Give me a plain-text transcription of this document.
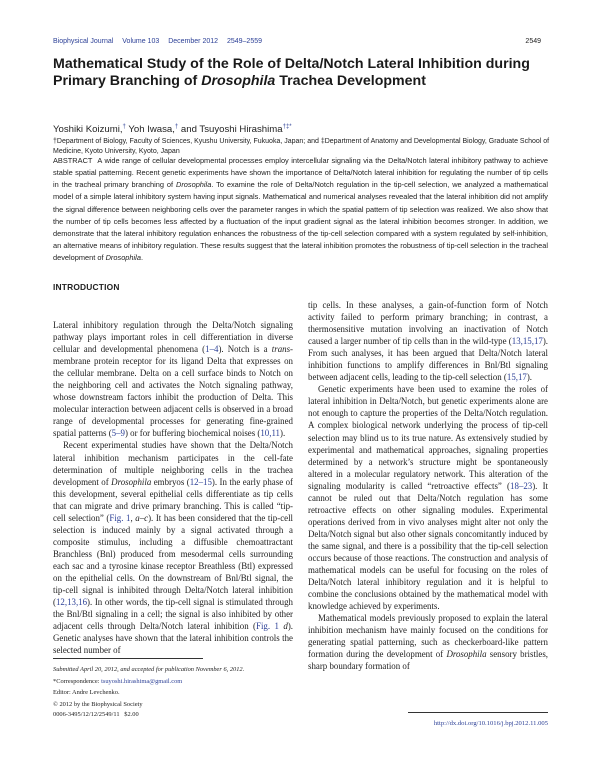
Biophysical Journal Volume 103 December 2012 2549–2559	2549
Mathematical Study of the Role of Delta/Notch Lateral Inhibition during Primary Branching of Drosophila Trachea Development
Yoshiki Koizumi,† Yoh Iwasa,† and Tsuyoshi Hirashima†‡*
†Department of Biology, Faculty of Sciences, Kyushu University, Fukuoka, Japan; and ‡Department of Anatomy and Developmental Biology, Graduate School of Medicine, Kyoto University, Kyoto, Japan
ABSTRACT A wide range of cellular developmental processes employ intercellular signaling via the Delta/Notch lateral inhibitory pathway to achieve stable spatial patterning. Recent genetic experiments have shown the importance of Delta/Notch lateral inhibition for regulating the number of tip cells in the tracheal primary branching of Drosophila. To examine the role of Delta/Notch regulation in the tip-cell selection, we analyzed a mathematical model of a simple lateral inhibitory system having input signals. Mathematical and numerical analyses revealed that the lateral inhibition did not amplify the signal difference between neighboring cells over the parameter ranges in which the spatial pattern of tip selection was realized. We also show that the number of tip cells becomes less affected by a fluctuation of the input gradient signal as the lateral inhibition becomes stronger. In addition, we demonstrate that the lateral inhibitory regulation enhances the robustness of the tip-cell selection compared with a system regulated by self-inhibition, an alternative means of inhibitory regulation. These results suggest that the lateral inhibition promotes the robustness of tip-cell selection in the tracheal development of Drosophila.
INTRODUCTION

Lateral inhibitory regulation through the Delta/Notch signaling pathway plays important roles in cell differentiation in diverse cellular and developmental phenomena (1–4). Notch is a trans-membrane protein receptor for its ligand Delta that expresses on the cellular membrane. Delta on a cell surface binds to Notch on the neighboring cell and activates the Notch signaling pathway, whose downstream factors inhibit the production of Delta. This molecular interaction between adjacent cells is observed in a broad range of developmental processes for generating fine-grained spatial patterns (5–9) or for buffering biochemical noises (10,11).

Recent experimental studies have shown that the Delta/Notch lateral inhibition mechanism participates in the cell-fate determination of multiple neighboring cells in the trachea development of Drosophila embryos (12–15). In the early phase of this development, several epithelial cells differentiate as tip cells that can migrate and drive primary branching. This is called “tip-cell selection” (Fig. 1, a–c). It has been considered that the tip-cell selection is induced mainly by a signal activated through a composite stimulus, including a diffusible chemoattractant Branchless (Bnl) produced from mesodermal cells surrounding each sac and a tyrosine kinase receptor Breathless (Btl) expressed on the epithelial cells. On the downstream of Bnl/Btl signal, the tip-cell signal is inhibited through Delta/Notch lateral inhibition (12,13,16). In other words, the tip-cell signal is stimulated through the Bnl/Btl signaling in a cell; the signal is also inhibited by other adjacent cells through Delta/Notch lateral inhibition (Fig. 1 d). Genetic analyses have shown that the lateral inhibition controls the selected number of

tip cells. In these analyses, a gain-of-function form of Notch activity failed to perform primary branching; in contrast, a thermosensitive mutation involving an inactivation of Notch caused a larger number of tip cells than in the wild-type (13,15,17). From such analyses, it has been argued that Delta/Notch lateral inhibition functions to amplify differences in Bnl/Btl signaling between adjacent cells, leading to the tip-cell selection (15,17).

Genetic experiments have been used to examine the roles of lateral inhibition in Delta/Notch, but genetic experiments alone are not enough to capture the properties of the Delta/Notch regulation. A complex biological network underlying the process of tip-cell selection may blind us to its true nature. As extensively studied by experimental and mathematical approaches, signaling properties determined by a network’s structure might be spontaneously altered in a molecular regulatory network. This alteration of the signaling modularity is called “retroactive effects” (18–23). It cannot be ruled out that Delta/Notch regulation has some retroactive effects on other signaling modules. Experimental operations derived from in vivo analyses might alter not only the Delta/Notch signal but also other signals concomitantly induced by the same signal, and there is a possibility that the tip-cell selection occurs because of those reactions. The construction and analysis of mathematical models can be useful for focusing on the roles of Delta/Notch lateral inhibitory regulation and it is helpful to combine the conclusions obtained by the mathematical model with knowledge achieved by experiments.

Mathematical models previously proposed to explain the lateral inhibition mechanism have mainly focused on the conditions for generating spatial patterning, such as checkerboard-like pattern formation during the development of Drosophila sensory bristles, sharp boundary formation of

Submitted April 20, 2012, and accepted for publication November 6, 2012.
*Correspondence: tsuyoshi.hirashima@gmail.com
Editor: Andre Levchenko.
© 2012 by the Biophysical Society
0006-3495/12/12/2549/11   $2.00
http://dx.doi.org/10.1016/j.bpj.2012.11.005
